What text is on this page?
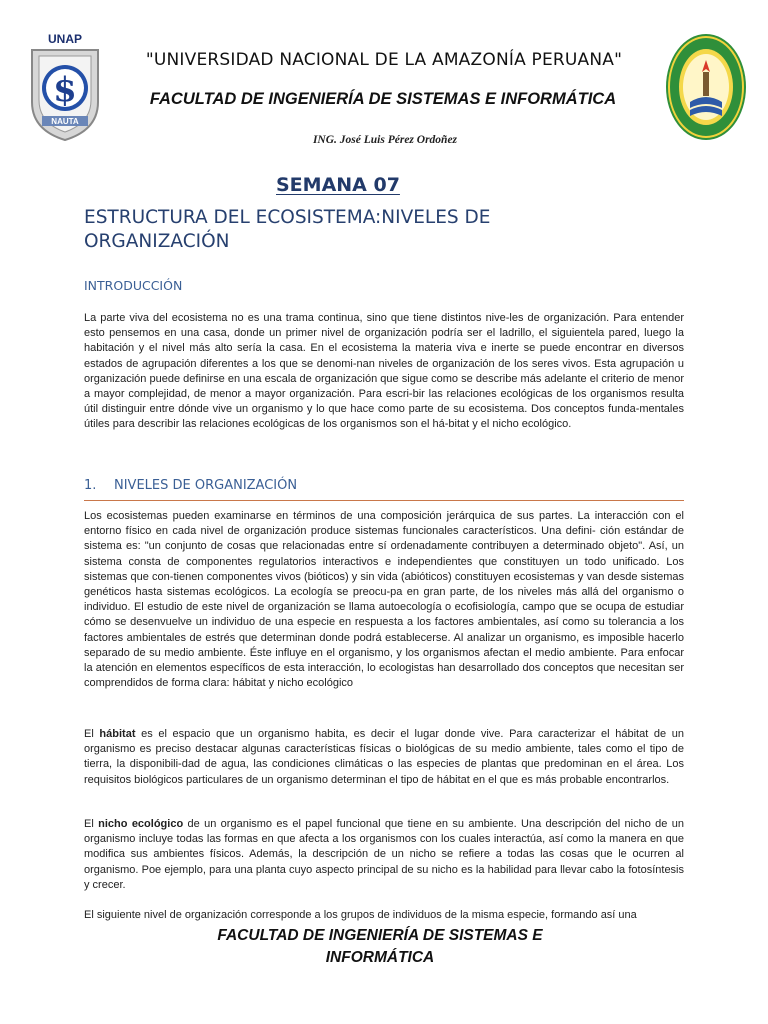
UNAP
$
NAUTA
"UNIVERSIDAD NACIONAL DE LA AMAZONÍA PERUANA"
FACULTAD DE INGENIERÍA DE SISTEMAS E INFORMÁTICA
ING. José Luis Pérez Ordoñez
SEMANA 07
ESTRUCTURA DEL ECOSISTEMA:NIVELES DE
ORGANIZACIÓN
INTRODUCCIÓN
La parte viva del ecosistema no es una trama continua, sino que tiene distintos nive-les de organización. Para entender esto pensemos en una casa, donde un primer nivel de organización podría ser el ladrillo, el siguientela pared, luego la habitación y el nivel más alto sería la casa. En el ecosistema la materia viva e inerte se puede encontrar en diversos estados de agrupación diferentes a los que se denomi-nan niveles de organización de los seres vivos. Esta agrupación u organización puede definirse en una escala de organización que sigue como se describe más adelante el criterio de menor a mayor complejidad, de menor a mayor organización. Para escri-bir las relaciones ecológicas de los organismos resulta útil distinguir entre dónde vive un organismo y lo que hace como parte de su ecosistema. Dos conceptos funda-mentales útiles para describir las relaciones ecológicas de los organismos son el há-bitat y el nicho ecológico.
1. NIVELES DE ORGANIZACIÓN
Los ecosistemas pueden examinarse en términos de una composición jerárquica de sus partes. La interacción con el entorno físico en cada nivel de organización produce sistemas funcionales característicos. Una defini- ción estándar de sistema es: "un conjunto de cosas que relacionadas entre sí ordenadamente contribuyen a determinado objeto". Así, un sistema consta de componentes regulatorios interactivos e independientes que constituyen un todo unificado. Los sistemas que con-tienen componentes vivos (bióticos) y sin vida (abióticos) constituyen ecosistemas y van desde sistemas genéticos hasta sistemas ecológicos. La ecología se preocu-pa en gran parte, de los niveles más allá del organismo o individuo. El estudio de este nivel de organización se llama autoecología o ecofisiología, campo que se ocupa de estudiar cómo se desenvuelve un individuo de una especie en respuesta a los factores ambientales, así como su tolerancia a los factores ambientales de estrés que determinan donde podrá establecerse. Al analizar un organismo, es imposible hacerlo separado de su medio ambiente. Éste influye en el organismo, y los organismos afectan el medio ambiente. Para enfocar la atención en elementos específicos de esta interacción, lo ecologistas han desarrollado dos conceptos que necesitan ser comprendidos de forma clara: hábitat y nicho ecológico
El hábitat es el espacio que un organismo habita, es decir el lugar donde vive. Para caracterizar el hábitat de un organismo es preciso destacar algunas características físicas o biológicas de su medio ambiente, tales como el tipo de tierra, la disponibili-dad de agua, las condiciones climáticas o las especies de plantas que predominan en el área. Los requisitos biológicos particulares de un organismo determinan el tipo de hábitat en el que es más probable encontrarlos.
El nicho ecológico de un organismo es el papel funcional que tiene en su ambiente. Una descripción del nicho de un organismo incluye todas las formas en que afecta a los organismos con los cuales interactúa, así como la manera en que modifica sus ambientes físicos. Además, la descripción de un nicho se refiere a todas las cosas que le ocurren al organismo. Poe ejemplo, para una planta cuyo aspecto principal de su nicho es la habilidad para llevar cabo la fotosíntesis y crecer.
El siguiente nivel de organización corresponde a los grupos de individuos de la misma especie, formando así una
FACULTAD DE INGENIERÍA DE SISTEMAS E
INFORMÁTICA
